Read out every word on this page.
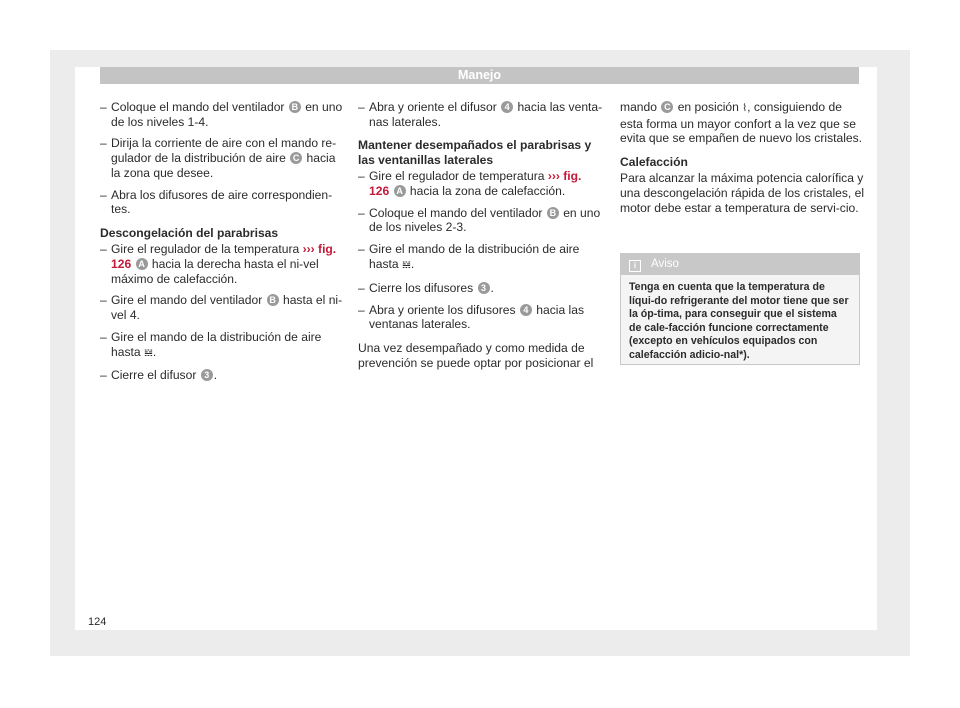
Manejo
– Coloque el mando del ventilador B en uno de los niveles 1-4.
– Dirija la corriente de aire con el mando re-gulador de la distribución de aire C hacia la zona que desee.
– Abra los difusores de aire correspondien-tes.
Descongelación del parabrisas
– Gire el regulador de la temperatura ››› fig. 126 A hacia la derecha hasta el ni-vel máximo de calefacción.
– Gire el mando del ventilador B hasta el ni-vel 4.
– Gire el mando de la distribución de aire hasta 𝍇.
– Cierre el difusor 3 .
– Abra y oriente el difusor 4 hacia las venta-nas laterales.
Mantener desempañados el parabrisas y las ventanillas laterales
– Gire el regulador de temperatura ››› fig. 126 A hacia la zona de calefacción.
– Coloque el mando del ventilador B en uno de los niveles 2-3.
– Gire el mando de la distribución de aire hasta 𝍇.
– Cierre los difusores 3 .
– Abra y oriente los difusores 4 hacia las ventanas laterales.
Una vez desempañado y como medida de prevención se puede optar por posicionar el
mando C en posición ⌇, consiguiendo de esta forma un mayor confort a la vez que se evita que se empañen de nuevo los cristales.
Calefacción
Para alcanzar la máxima potencia calorífica y una descongelación rápida de los cristales, el motor debe estar a temperatura de servi-cio.
i Aviso
Tenga en cuenta que la temperatura de líqui-do refrigerante del motor tiene que ser la óp-tima, para conseguir que el sistema de cale-facción funcione correctamente (excepto en vehículos equipados con calefacción adicio-nal*).
124
